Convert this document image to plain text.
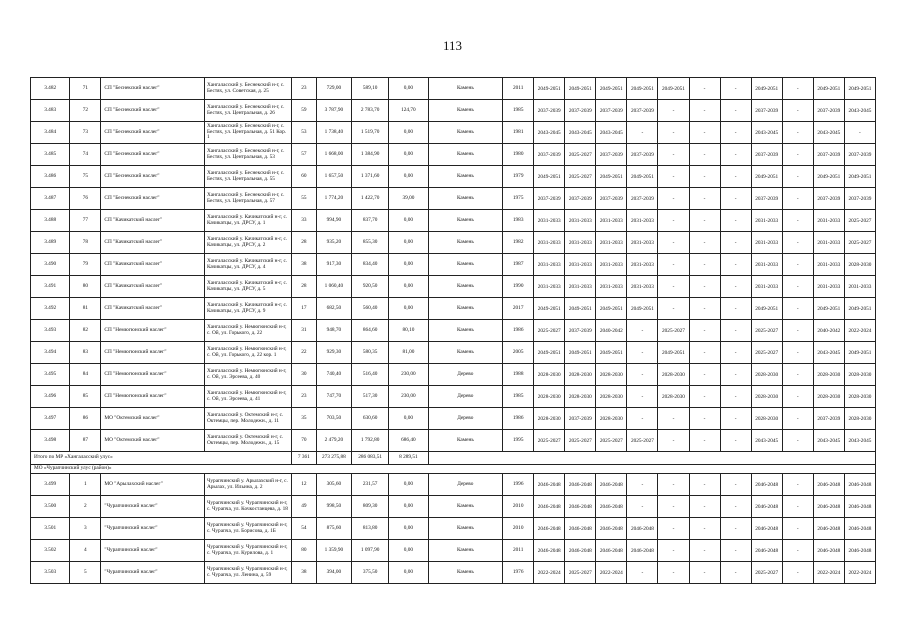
113
3.482	71	СП "Беснекский наслег"	Хангаласский у. Беснекский н-г, с. Бестях, ул. Советская, д. 25	23	729,00	589,10	0,00	Камень	2011	2049-2051	2049-2051	2049-2051	2049-2051	2049-2051	-	-	2049-2051	-	2049-2051	2049-2051
3.483	72	СП "Беснекский наслег"	Хангаласский у. Беснекский н-г, с. Бестях, ул. Центральная, д. 26	59	3 787,90	2 783,70	124,70	Камень	1985	2037-2039	2037-2039	2037-2039	2037-2039	-	-	-	2037-2039	-	2037-2039	2043-2045
3.484	73	СП "Беснекский наслег"	Хангаласский у. Беснекский н-г, с. Бестях, ул. Центральная, д. 51 Кор. 1	53	1 738,40	1 519,70	0,00	Камень	1981	2043-2045	2043-2045	2043-2045	-	-	-	-	2043-2045	-	2043-2045	-
3.485	74	СП "Беснекский наслег"	Хангаласский у. Беснекский н-г, с. Бестях, ул. Центральная, д. 53	57	1 668,00	1 384,90	0,00	Камень	1980	2037-2039	2025-2027	2037-2039	2037-2039	-	-	-	2037-2039	-	2037-2039	2037-2039
3.486	75	СП "Беснекский наслег"	Хангаласский у. Беснекский н-г, с. Бестях, ул. Центральная, д. 55	60	1 657,50	1 371,60	0,00	Камень	1979	2049-2051	2025-2027	2049-2051	2049-2051	-	-	-	2049-2051	-	2049-2051	2049-2051
3.487	76	СП "Беснекский наслег"	Хангаласский у. Беснекский н-г, с. Бестях, ул. Центральная, д. 57	55	1 774,20	1 422,70	39,00	Камень	1975	2037-2039	2037-2039	2037-2039	2037-2039	-	-	-	2037-2039	-	2037-2039	2037-2039
3.488	77	СП "Качикатский наслег"	Хангаласский у. Качикатский н-г, с. Качикатцы, ул. ДРСУ, д. 1	33	994,90	837,70	0,00	Камень	1983	2031-2033	2031-2033	2031-2033	2031-2033	-	-	-	2031-2033	-	2031-2033	2025-2027
3.489	78	СП "Качикатский наслег"	Хангаласский у. Качикатский н-г, с. Качикатцы, ул. ДРСУ, д. 2	28	935,20	855,30	0,00	Камень	1982	2031-2033	2031-2033	2031-2033	2031-2033	-	-	-	2031-2033	-	2031-2033	2025-2027
3.490	79	СП "Качикатский наслег"	Хангаласский у. Качикатский н-г, с. Качикатцы, ул. ДРСУ, д. 4	38	917,30	834,40	0,00	Камень	1987	2031-2033	2031-2033	2031-2033	2031-2033	-	-	-	2031-2033	-	2031-2033	2028-2030
3.491	80	СП "Качикатский наслег"	Хангаласский у. Качикатский н-г, с. Качикатцы, ул. ДРСУ, д. 5	28	1 060,40	920,50	0,00	Камень	1990	2031-2033	2031-2033	2031-2033	2031-2033	-	-	-	2031-2033	-	2031-2033	2031-2033
3.492	81	СП "Качикатский наслег"	Хангаласский у. Качикатский н-г, с. Качикатцы, ул. ДРСУ, д. 9	17	682,50	560,40	0,00	Камень	2017	2049-2051	2049-2051	2049-2051	2049-2051	-	-	-	2049-2051	-	2049-2051	2049-2051
3.493	82	СП "Немюгюнский наслег"	Хангаласский у. Немюгюнский н-г, с. Ой, ул. Горького, д. 22	31	948,70	864,60	80,10	Камень	1986	2025-2027	2037-2039	2040-2042	-	2025-2027	-	-	2025-2027	-	2040-2042	2022-2024
3.494	83	СП "Немюгюнский наслег"	Хангаласский у. Немюгюнский н-г, с. Ой, ул. Горького, д. 22 кор. 1	22	929,30	580,35	81,00	Камень	2005	2049-2051	2049-2051	2049-2051	-	2049-2051	-	-	2025-2027	-	2043-2045	2049-2051
3.495	84	СП "Немюгюнский наслег"	Хангаласский у. Немюгюнский н-г, с. Ой, ул. Эрсеева, д. 40	30	740,40	516,40	230,00	Дерево	1988	2028-2030	2028-2030	2028-2030	-	2028-2030	-	-	2028-2030	-	2028-2030	2028-2030
3.496	85	СП "Немюгюнский наслег"	Хангаласский у. Немюгюнский н-г, с. Ой, ул. Эрсеева, д. 41	23	747,70	517,30	230,00	Дерево	1985	2028-2030	2028-2030	2028-2030	-	2028-2030	-	-	2028-2030	-	2028-2030	2028-2030
3.497	86	МО "Октемский наслег"	Хангаласский у. Октемский н-г, с. Октемцы, пер. Молодежн., д. 11	35	703,50	630,60	0,00	Дерево	1986	2028-2030	2037-2039	2028-2030	-	-	-	-	2028-2030	-	2037-2039	2028-2030
3.498	87	МО "Октемский наслег"	Хангаласский у. Октемский н-г, с. Октемцы, пер. Молодежн., д. 15	70	2 479,20	1 792,80	686,40	Камень	1995	2025-2027	2025-2027	2025-2027	2025-2027	-	-	-	2043-2045	-	2043-2045	2043-2045
Итого по МР «Хангаласский улус»				7 361	273 275,88	286 083,51	8 289,51													
МО «Чурапчинский улус (район)»																				
3.499	1	МО "Арылахский наслег"	Чурапчинский у. Арылахский н-г, с. Арылах, ул. Ильина, д. 2	12	305,60	231,57	0,00	Дерево	1996	2046-2048	2046-2048	2046-2048	-	-	-	-	2046-2048	-	2046-2048	2046-2048
3.500	2	"Чурапчинский наслег"	Чурапчинский у. Чурапчинский н-г, с. Чурапча, ул. Кочкостанцева, д. 18	49	998,50	809,30	0,00	Камень	2010	2046-2048	2046-2048	2046-2048	-	-	-	-	2046-2048	-	2046-2048	2046-2048
3.501	3	"Чурапчинский наслег"	Чурапчинский у. Чурапчинский н-г, с. Чурапча, ул. Борисова, д. 1Б	54	875,60	813,80	0,00	Камень	2010	2046-2048	2046-2048	2046-2048	2046-2048	-	-	-	2046-2048	-	2046-2048	2046-2048
3.502	4	"Чурапчинский наслег"	Чурапчинский у. Чурапчинский н-г, с. Чурапча, ул. Курилова, д. 1	80	1 359,90	1 097,90	0,00	Камень	2011	2046-2048	2046-2048	2046-2048	2046-2048	-	-	-	2046-2048	-	2046-2048	2046-2048
3.503	5	"Чурапчинский наслег"	Чурапчинский у. Чурапчинский н-г, с. Чурапча, ул. Ленина, д. 59	38	394,00	375,50	0,00	Камень	1976	2022-2024	2025-2027	2022-2024	-	-	-	-	2025-2027	-	2022-2024	2022-2024
